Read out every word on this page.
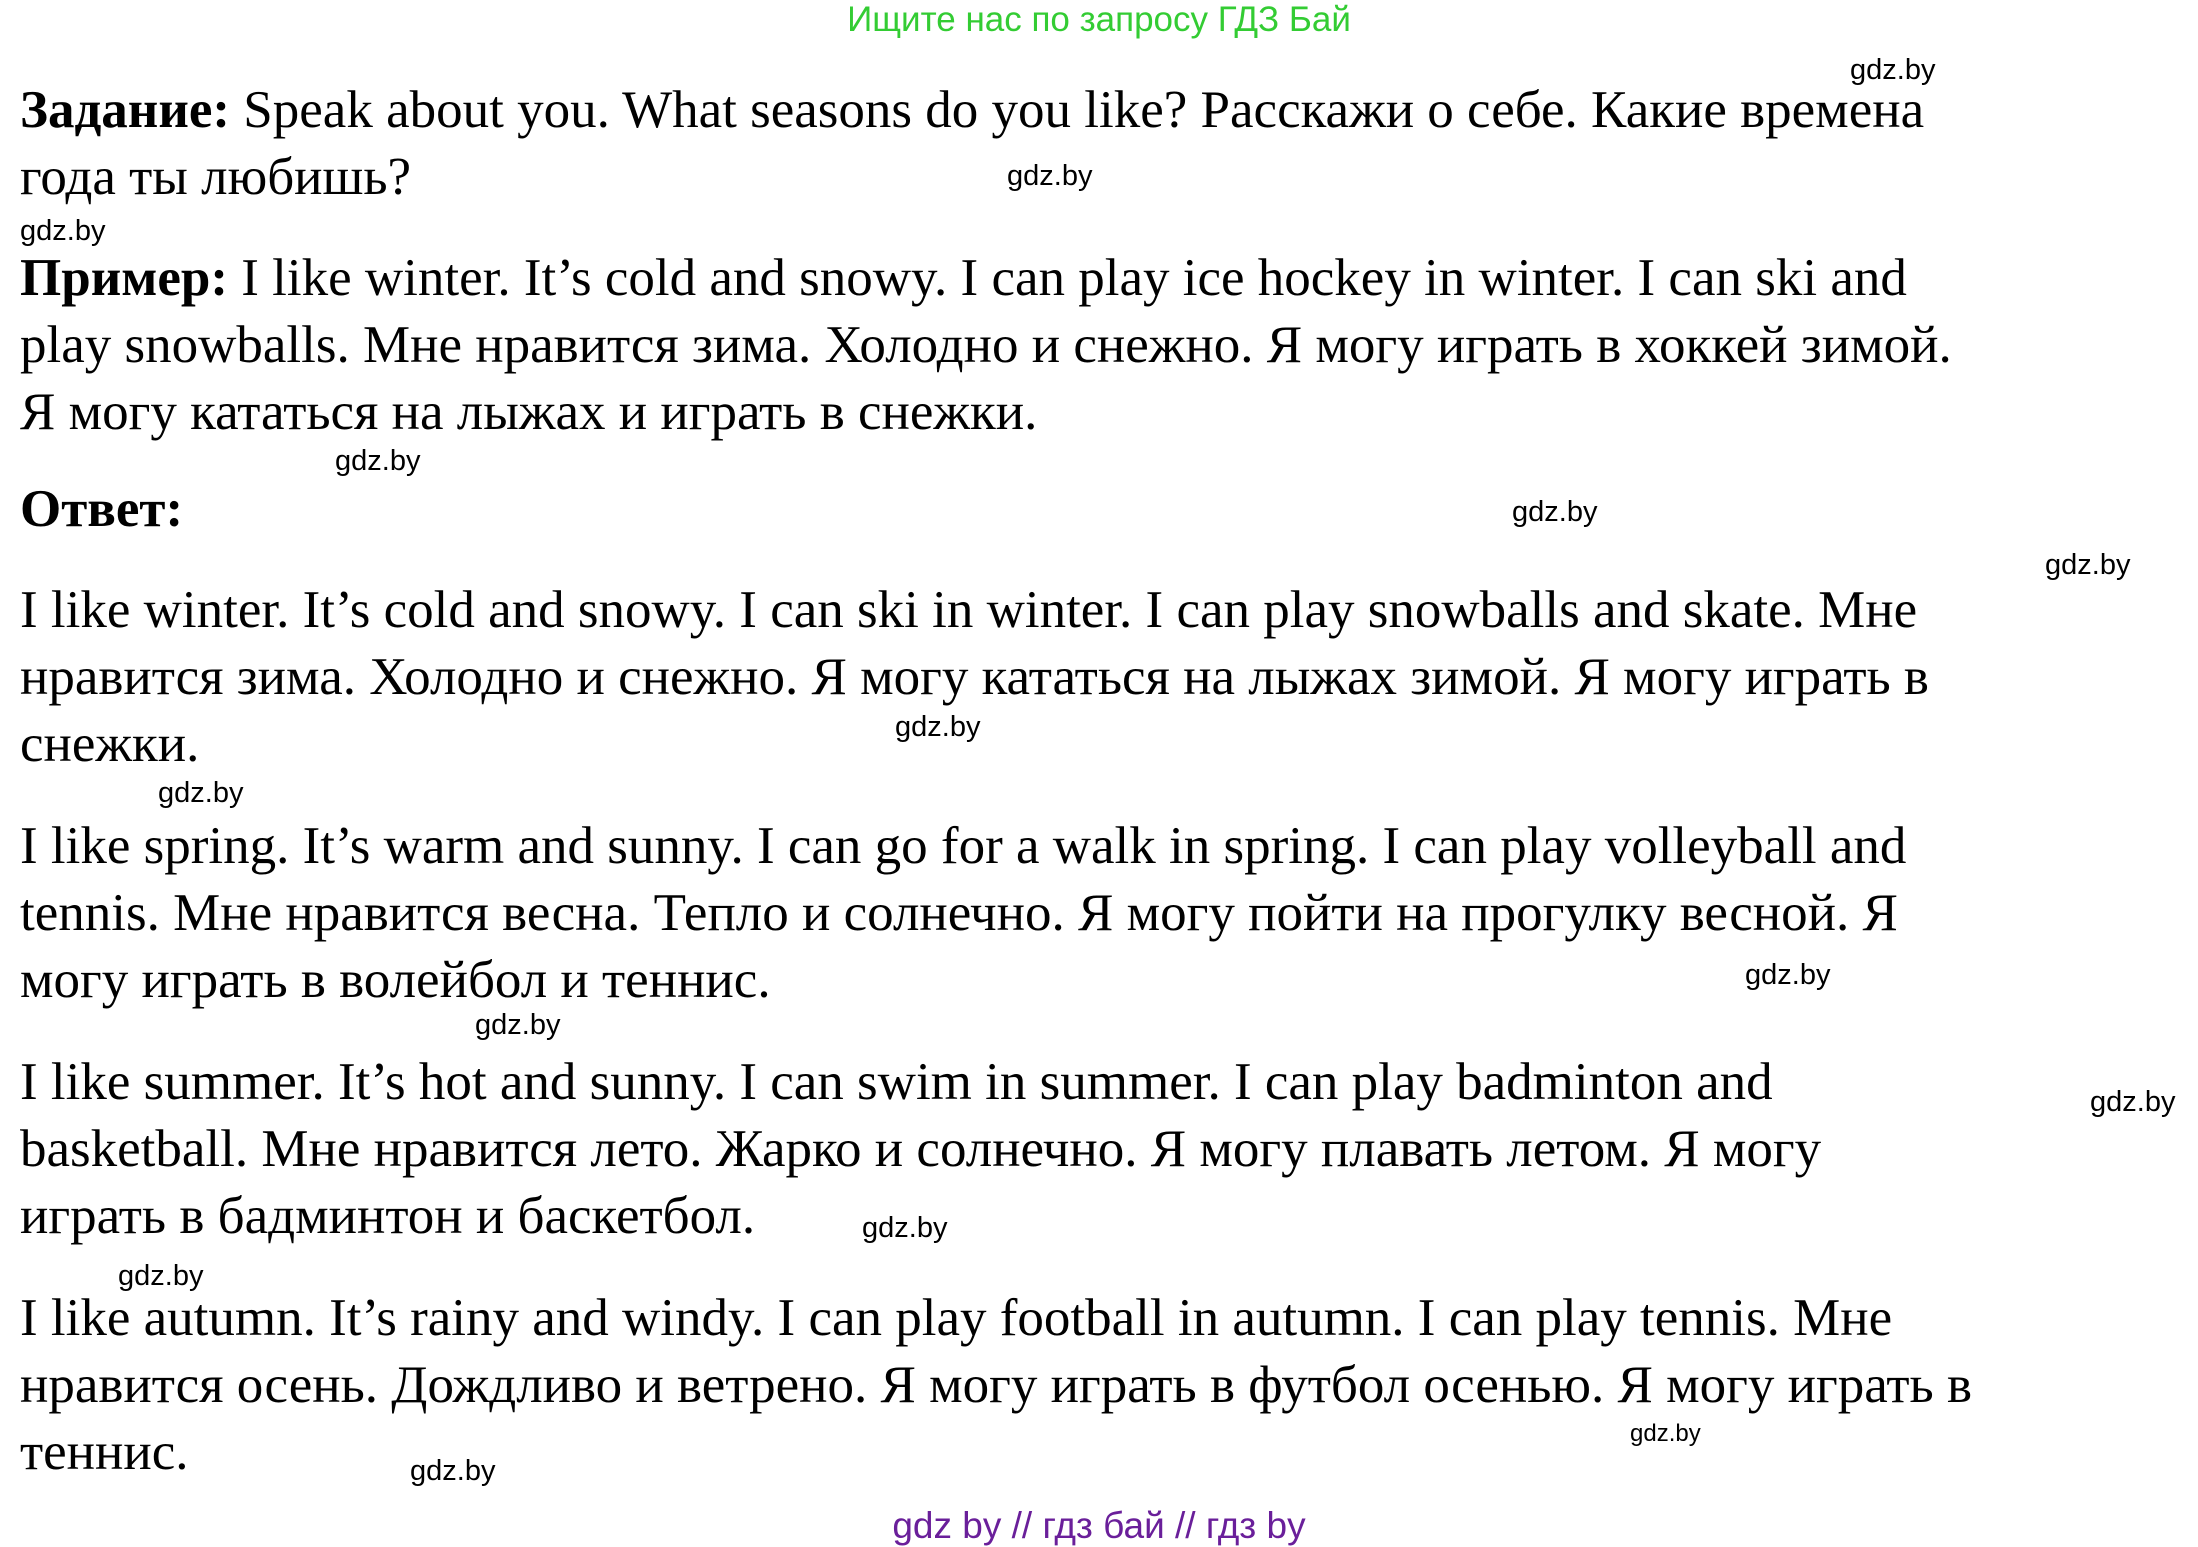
Ищите нас по запросу ГДЗ Бай
Задание: Speak about you. What seasons do you like? Расскажи о себе. Какие времена
года ты любишь?
Пример: I like winter. It’s cold and snowy. I can play ice hockey in winter. I can ski and
play snowballs. Мне нравится зима. Холодно и снежно. Я могу играть в хоккей зимой.
Я могу кататься на лыжах и играть в снежки.
Ответ:
I like winter. It’s cold and snowy. I can ski in winter. I can play snowballs and skate. Мне
нравится зима. Холодно и снежно. Я могу кататься на лыжах зимой. Я могу играть в
снежки.
I like spring. It’s warm and sunny. I can go for a walk in spring. I can play volleyball and
tennis. Мне нравится весна. Тепло и солнечно. Я могу пойти на прогулку весной. Я
могу играть в волейбол и теннис.
I like summer. It’s hot and sunny. I can swim in summer. I can play badminton and
basketball. Мне нравится лето. Жарко и солнечно. Я могу плавать летом. Я могу
играть в бадминтон и баскетбол.
I like autumn. It’s rainy and windy. I can play football in autumn. I can play tennis. Мне
нравится осень. Дождливо и ветрено. Я могу играть в футбол осенью. Я могу играть в
теннис.
gdz.by
gdz.by
gdz.by
gdz.by
gdz.by
gdz.by
gdz.by
gdz.by
gdz.by
gdz.by
gdz.by
gdz.by
gdz.by
gdz.by
gdz.by
gdz by // гдз бай // гдз by
